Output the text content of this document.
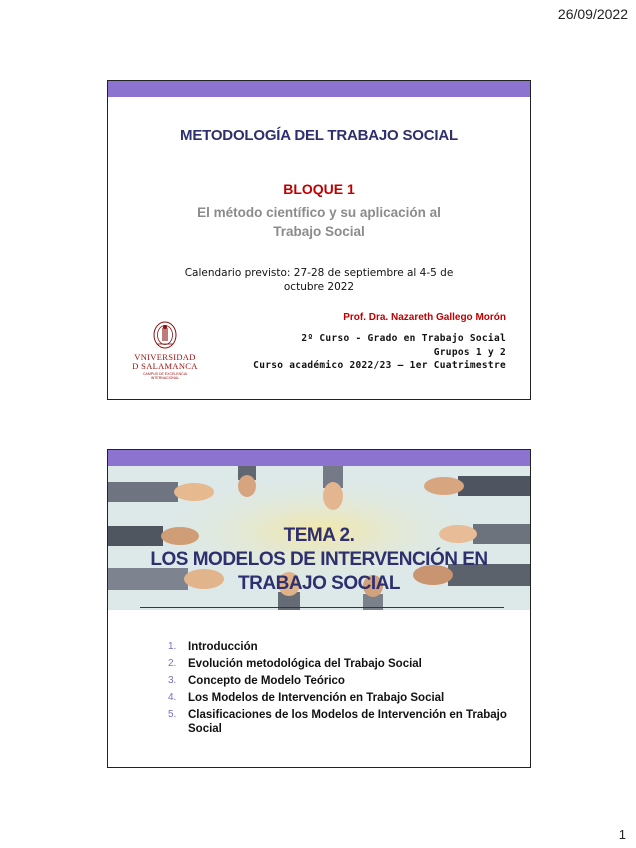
26/09/2022
METODOLOGÍA DEL TRABAJO SOCIAL
BLOQUE 1
El método científico y su aplicación al
Trabajo Social
Calendario previsto: 27-28 de septiembre al 4-5 de
octubre 2022
Prof. Dra. Nazareth Gallego Morón
2º Curso - Grado en Trabajo Social
Grupos 1 y 2
Curso académico 2022/23 – 1er Cuatrimestre
VNIVERSIDAD
D SALAMANCA
CAMPUS DE EXCELENCIA INTERNACIONAL
TEMA 2.
LOS MODELOS DE INTERVENCIÓN EN
TRABAJO SOCIAL
1.	Introducción
2.	Evolución metodológica del Trabajo Social
3.	Concepto de Modelo Teórico
4.	Los Modelos de Intervención en Trabajo Social
5.	Clasificaciones de los Modelos de Intervención en Trabajo Social
1
